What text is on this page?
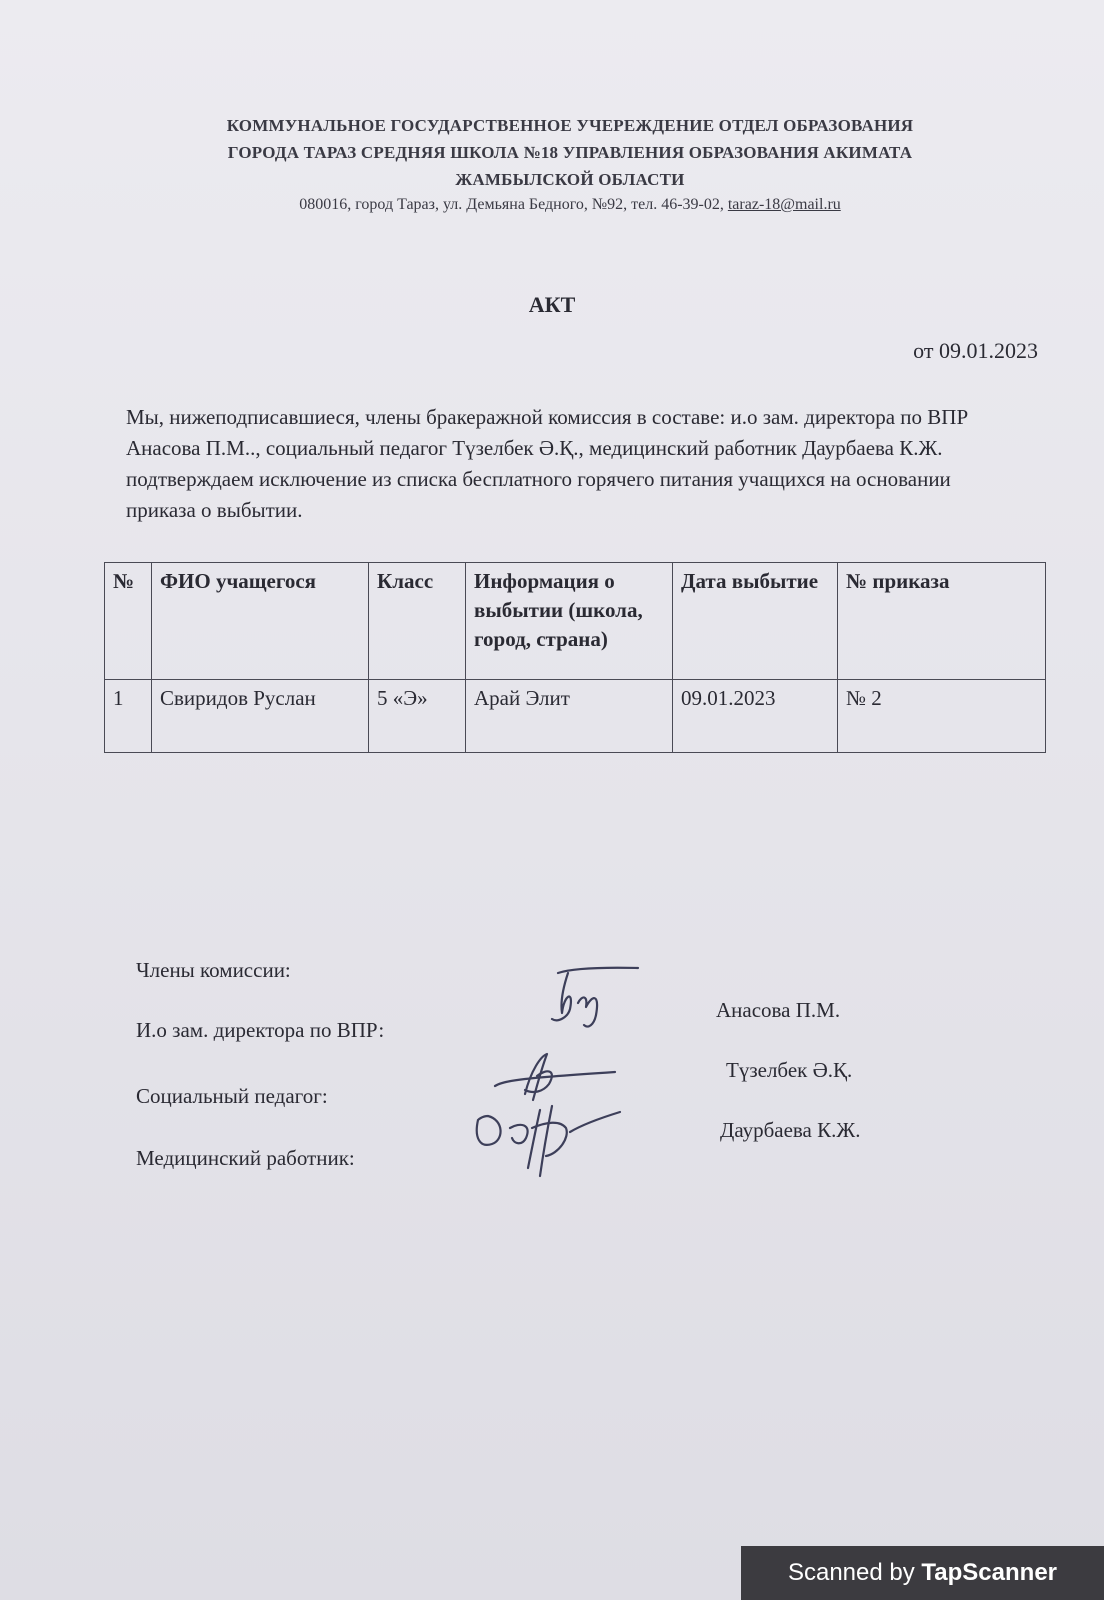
КОММУНАЛЬНОЕ ГОСУДАРСТВЕННОЕ УЧЕРЕЖДЕНИЕ ОТДЕЛ ОБРАЗОВАНИЯ
ГОРОДА ТАРАЗ СРЕДНЯЯ ШКОЛА №18 УПРАВЛЕНИЯ ОБРАЗОВАНИЯ АКИМАТА
ЖАМБЫЛСКОЙ ОБЛАСТИ
080016, город Тараз, ул. Демьяна Бедного, №92, тел. 46-39-02, taraz-18@mail.ru
АКТ
от 09.01.2023
Мы, нижеподписавшиеся, члены бракеражной комиссия в составе: и.о зам. директора по ВПР Анасова П.М.., социальный педагог Түзелбек Ә.Қ., медицинский работник Даурбаева К.Ж. подтверждаем исключение из списка бесплатного горячего питания учащихся на основании приказа о выбытии.
№	ФИО учащегося	Класс	Информация о выбытии (школа, город, страна)	Дата выбытие	№ приказа
1	Свиридов Руслан	5 «Э»	Арай Элит	09.01.2023	№ 2
Члены комиссии:
И.о зам. директора по ВПР:
Анасова П.М.
Социальный педагог:
Түзелбек Ә.Қ.
Медицинский работник:
Даурбаева К.Ж.
Scanned by TapScanner
